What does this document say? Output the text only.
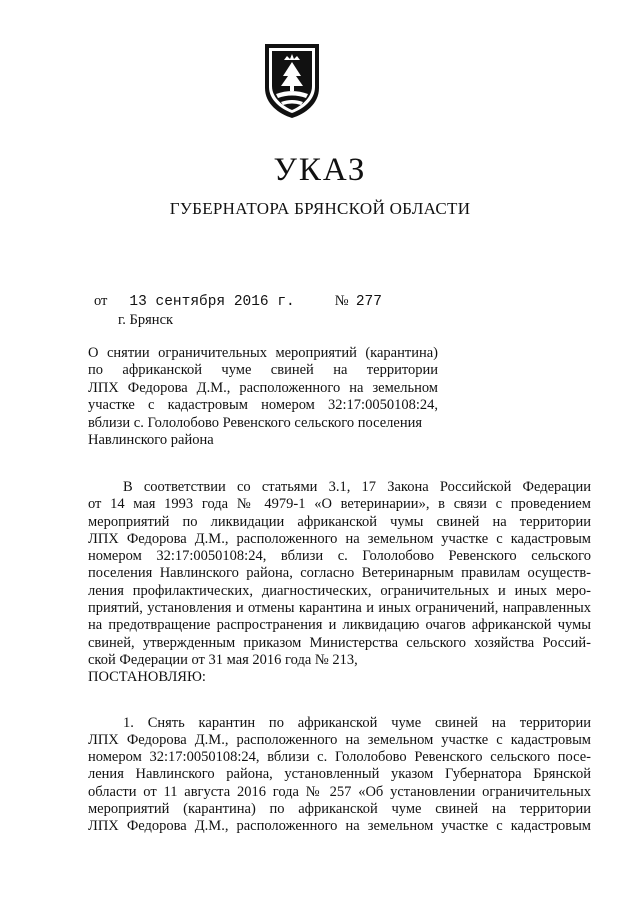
УКАЗ
ГУБЕРНАТОРА БРЯНСКОЙ ОБЛАСТИ
от 13 сентября 2016 г.	№ 277
г. Брянск
О снятии ограничительных мероприятий (карантина)
по африканской чуме свиней на территории
ЛПХ Федорова Д.М., расположенного на земельном
участке с кадастровым номером 32:17:0050108:24,
вблизи с. Гололобово Ревенского сельского поселения
Навлинского района
В соответствии со статьями 3.1, 17 Закона Российской Федерации
от 14 мая 1993 года № 4979-1 «О ветеринарии», в связи с проведением
мероприятий по ликвидации африканской чумы свиней на территории
ЛПХ Федорова Д.М., расположенного на земельном участке с кадастровым
номером 32:17:0050108:24, вблизи с. Гололобово Ревенского сельского
поселения Навлинского района, согласно Ветеринарным правилам осуществ-
ления профилактических, диагностических, ограничительных и иных меро-
приятий, установления и отмены карантина и иных ограничений, направленных
на предотвращение распространения и ликвидацию очагов африканской чумы
свиней, утвержденным приказом Министерства сельского хозяйства Россий-
ской Федерации от 31 мая 2016 года № 213,
ПОСТАНОВЛЯЮ:
1. Снять карантин по африканской чуме свиней на территории
ЛПХ Федорова Д.М., расположенного на земельном участке с кадастровым
номером 32:17:0050108:24, вблизи с. Гололобово Ревенского сельского посе-
ления Навлинского района, установленный указом Губернатора Брянской
области от 11 августа 2016 года № 257 «Об установлении ограничительных
мероприятий (карантина) по африканской чуме свиней на территории
ЛПХ Федорова Д.М., расположенного на земельном участке с кадастровым
